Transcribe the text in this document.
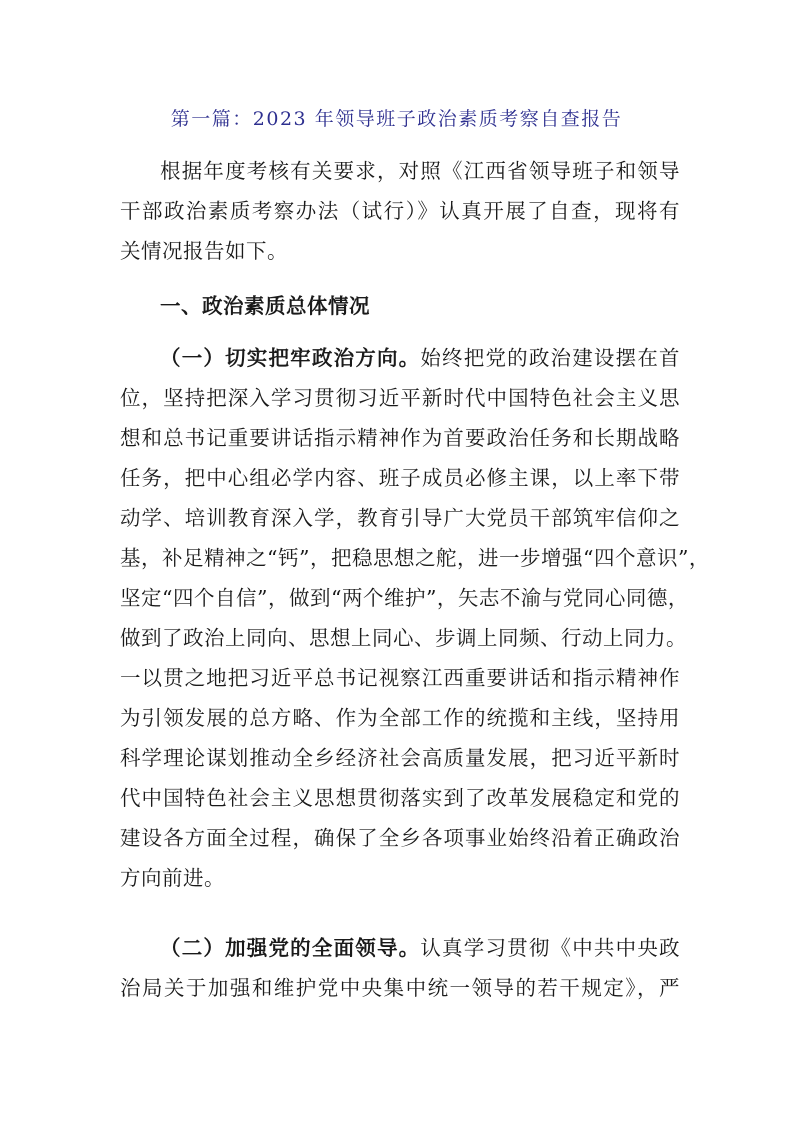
第一篇：2023 年领导班子政治素质考察自查报告
根据年度考核有关要求，对照《江西省领导班子和领导
干部政治素质考察办法（试行）》认真开展了自查，现将有
关情况报告如下。
一、政治素质总体情况
（一）切实把牢政治方向。始终把党的政治建设摆在首
位，坚持把深入学习贯彻习近平新时代中国特色社会主义思
想和总书记重要讲话指示精神作为首要政治任务和长期战略
任务，把中心组必学内容、班子成员必修主课，以上率下带
动学、培训教育深入学，教育引导广大党员干部筑牢信仰之
基，补足精神之“钙”，把稳思想之舵，进一步增强“四个意识”，
坚定“四个自信”，做到“两个维护”，矢志不渝与党同心同德，
做到了政治上同向、思想上同心、步调上同频、行动上同力。
一以贯之地把习近平总书记视察江西重要讲话和指示精神作
为引领发展的总方略、作为全部工作的统揽和主线，坚持用
科学理论谋划推动全乡经济社会高质量发展，把习近平新时
代中国特色社会主义思想贯彻落实到了改革发展稳定和党的
建设各方面全过程，确保了全乡各项事业始终沿着正确政治
方向前进。
（二）加强党的全面领导。认真学习贯彻《中共中央政
治局关于加强和维护党中央集中统一领导的若干规定》，严
